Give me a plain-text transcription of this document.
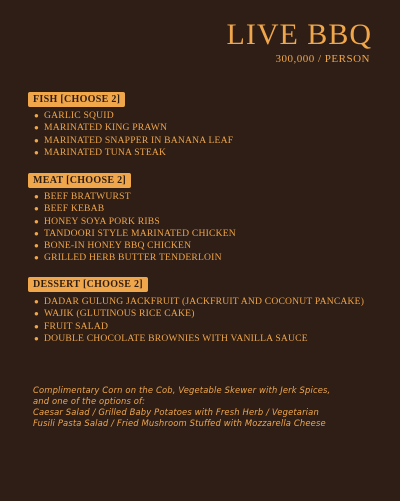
LIVE BBQ
300,000 / PERSON
FISH [CHOOSE 2]
● GARLIC SQUID
● MARINATED KING PRAWN
● MARINATED SNAPPER IN BANANA LEAF
● MARINATED TUNA STEAK
MEAT [CHOOSE 2]
● BEEF BRATWURST
● BEEF KEBAB
● HONEY SOYA PORK RIBS
● TANDOORI STYLE MARINATED CHICKEN
● BONE-IN HONEY BBQ CHICKEN
● GRILLED HERB BUTTER TENDERLOIN
DESSERT [CHOOSE 2]
● DADAR GULUNG JACKFRUIT (JACKFRUIT AND COCONUT PANCAKE)
● WAJIK (GLUTINOUS RICE CAKE)
● FRUIT SALAD
● DOUBLE CHOCOLATE BROWNIES WITH VANILLA SAUCE
Complimentary Corn on the Cob, Vegetable Skewer with Jerk Spices,
and one of the options of:
Caesar Salad / Grilled Baby Potatoes with Fresh Herb / Vegetarian
Fusili Pasta Salad / Fried Mushroom Stuffed with Mozzarella Cheese
